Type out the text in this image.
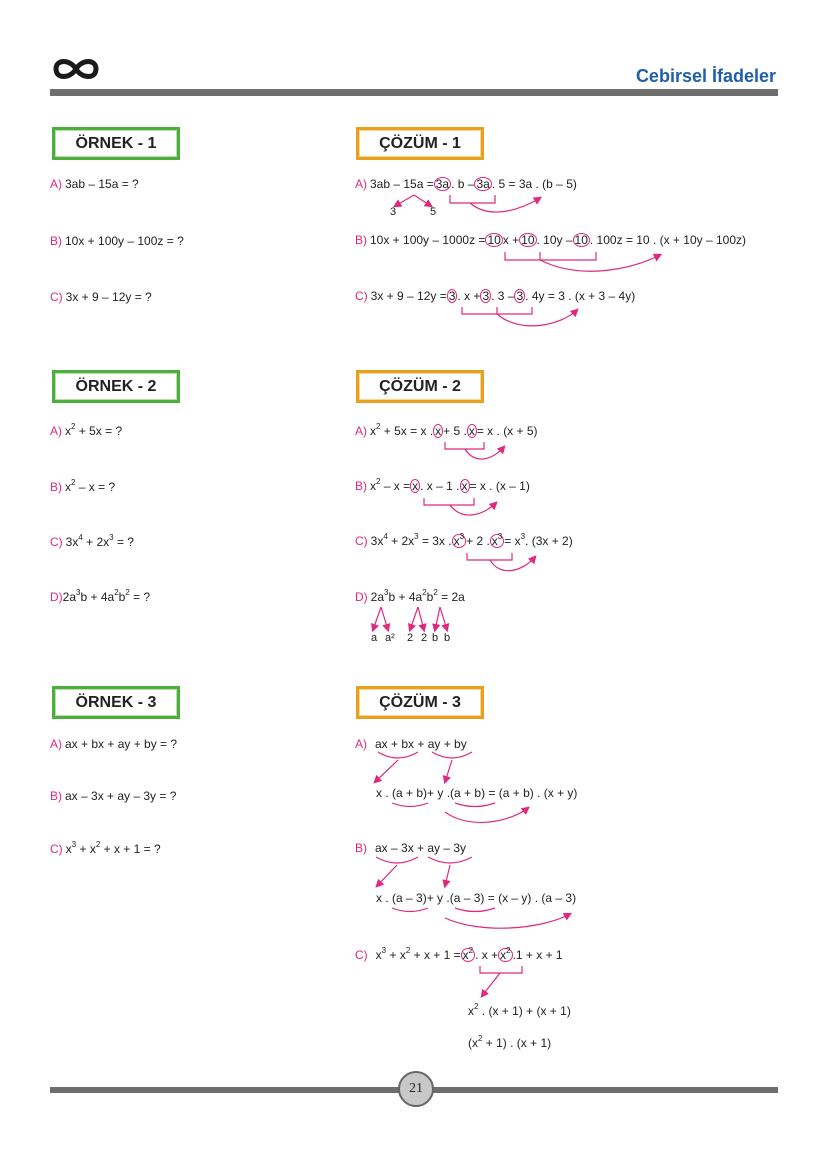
Cebirsel İfadeler
ÖRNEK - 1
A) 3ab – 15a = ?
B) 10x + 100y – 100z = ?
C) 3x + 9 – 12y = ?
ÇÖZÜM - 1
A) 3ab – 15a = 3a . b – 3a . 5 = 3a . (b – 5)
3	5
B) 10x + 100y – 1000z = 10 x + 10 . 10y – 10 . 100z = 10 . (x + 10y – 100z)
C) 3x + 9 – 12y = 3 . x + 3 . 3 – 3 . 4y = 3 . (x + 3 – 4y)
ÖRNEK - 2
A) $x^2 + 5x$ = ?
B) $x^2$ – x = ?
C) $3x^4 + 2x^3$ = ?
$D)2a^3b + 4a^2b^2$ = ?
ÇÖZÜM - 2
A) $x^2 + 5x = x$ . x + 5 . x = x . (x + 5)
B) $x^2 - x = x$ . x – 1 . x = x . (x – 1)
C) $3x^4 + 2x^3 = 3x$ . $x^3 + 2$ . $x^3 = x^3$. (3x + 2)
D) $2a^3b + 4a^2b^2 = 2a$
a a² 2 2 b b
ÖRNEK - 3
A) ax + bx + ay + by = ?
B) ax – 3x + ay – 3y = ?
C) $x^3 + x^2 + x + 1$ = ?
ÇÖZÜM - 3
A) ax + bx + ay + by
x . (a + b)+ y .(a + b) = (a + b) . (x + y)
B) ax – 3x + ay – 3y
x . (a – 3)+ y .(a – 3) = (x – y) . (a – 3)
C) $x^3 + x^2 + x + 1 = x^2$ . $x + x^2$ .1 + x + 1
$x^2$ . (x + 1) + (x + 1)
$(x^2 + 1)$ . (x + 1)
21
